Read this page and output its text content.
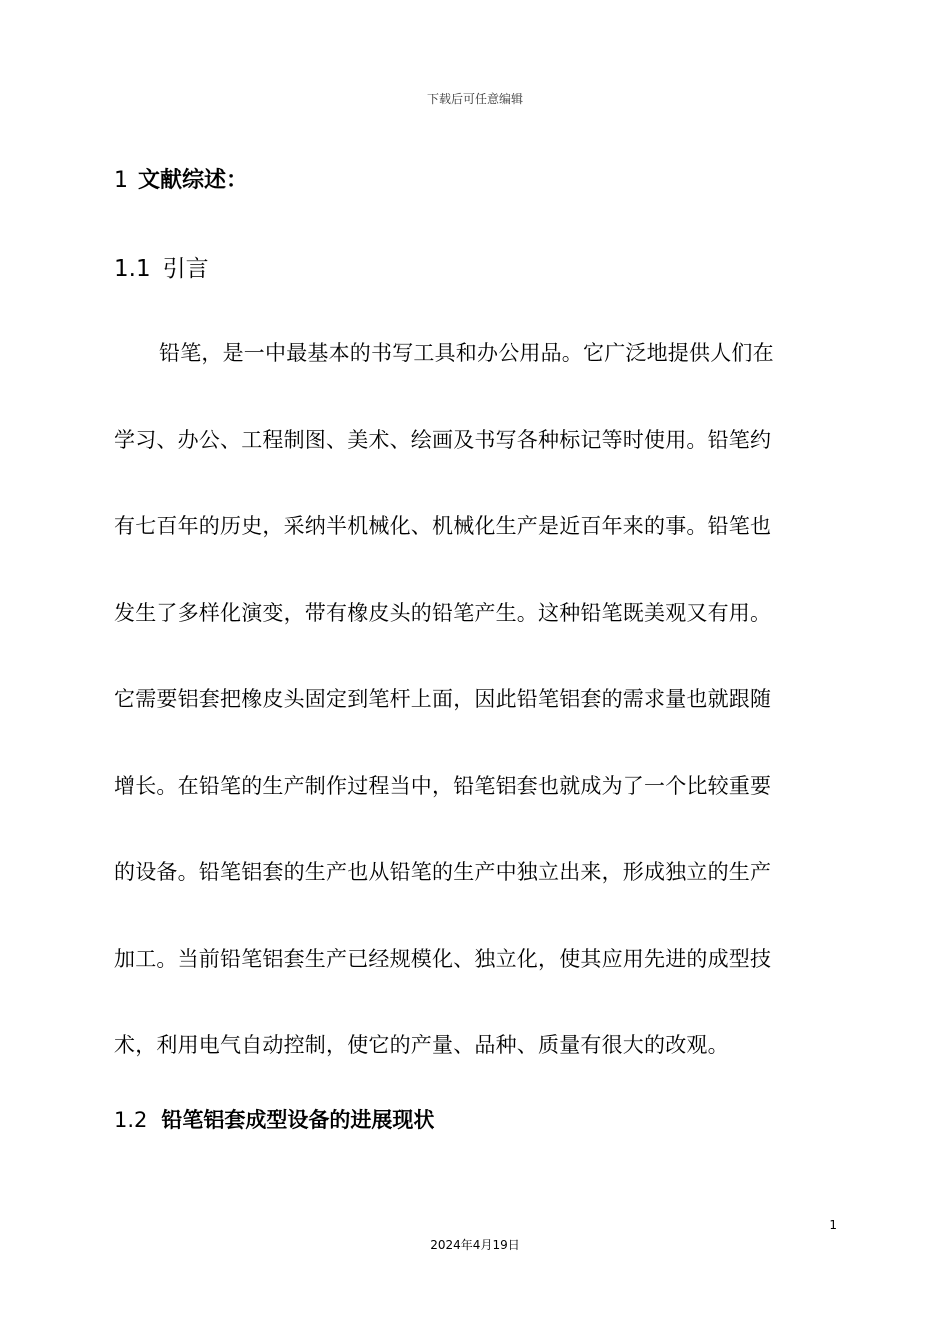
下载后可任意编辑
1 文献综述：
1.1 引言
铅笔，是一中最基本的书写工具和办公用品。它广泛地提供人们在
学习、办公、工程制图、美术、绘画及书写各种标记等时使用。铅笔约
有七百年的历史，采纳半机械化、机械化生产是近百年来的事。铅笔也
发生了多样化演变，带有橡皮头的铅笔产生。这种铅笔既美观又有用。
它需要铝套把橡皮头固定到笔杆上面，因此铅笔铝套的需求量也就跟随
增长。在铅笔的生产制作过程当中，铅笔铝套也就成为了一个比较重要
的设备。铅笔铝套的生产也从铅笔的生产中独立出来，形成独立的生产
加工。当前铅笔铝套生产已经规模化、独立化，使其应用先进的成型技
术，利用电气自动控制，使它的产量、品种、质量有很大的改观。
1.2 铅笔铝套成型设备的进展现状
1
2024年4月19日
